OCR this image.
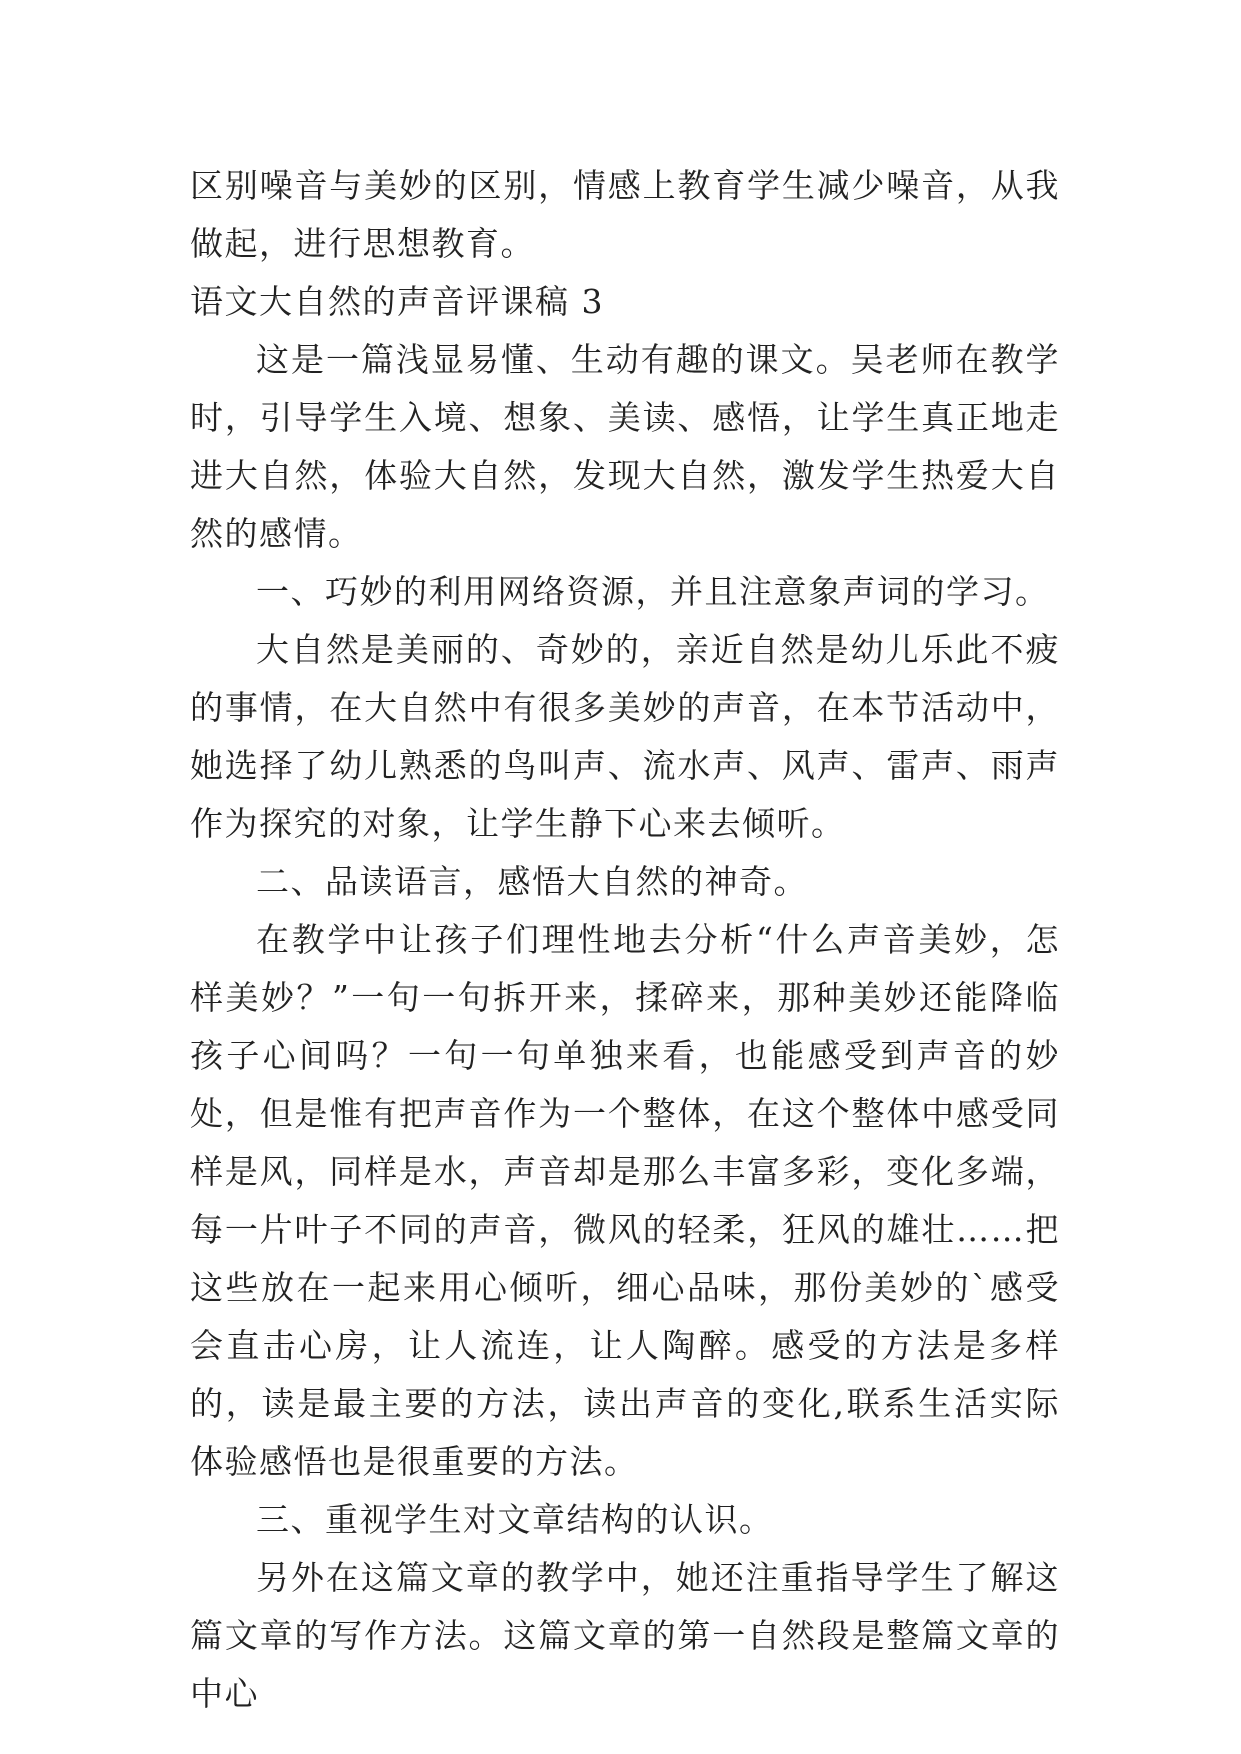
区别噪音与美妙的区别，情感上教育学生减少噪音，从我做起，进行思想教育。

语文大自然的声音评课稿 3

这是一篇浅显易懂、生动有趣的课文。吴老师在教学时，引导学生入境、想象、美读、感悟，让学生真正地走进大自然，体验大自然，发现大自然，激发学生热爱大自然的感情。

一、巧妙的利用网络资源，并且注意象声词的学习。

大自然是美丽的、奇妙的，亲近自然是幼儿乐此不疲的事情，在大自然中有很多美妙的声音，在本节活动中，她选择了幼儿熟悉的鸟叫声、流水声、风声、雷声、雨声作为探究的对象，让学生静下心来去倾听。

二、品读语言，感悟大自然的神奇。

在教学中让孩子们理性地去分析“什么声音美妙，怎样美妙？”一句一句拆开来，揉碎来，那种美妙还能降临孩子心间吗？一句一句单独来看，也能感受到声音的妙处，但是惟有把声音作为一个整体，在这个整体中感受同样是风，同样是水，声音却是那么丰富多彩，变化多端，每一片叶子不同的声音，微风的轻柔，狂风的雄壮……把这些放在一起来用心倾听，细心品味，那份美妙的`感受会直击心房，让人流连，让人陶醉。感受的方法是多样的，读是最主要的方法，读出声音的变化,联系生活实际体验感悟也是很重要的方法。

三、重视学生对文章结构的认识。

另外在这篇文章的教学中，她还注重指导学生了解这篇文章的写作方法。这篇文章的第一自然段是整篇文章的中心
